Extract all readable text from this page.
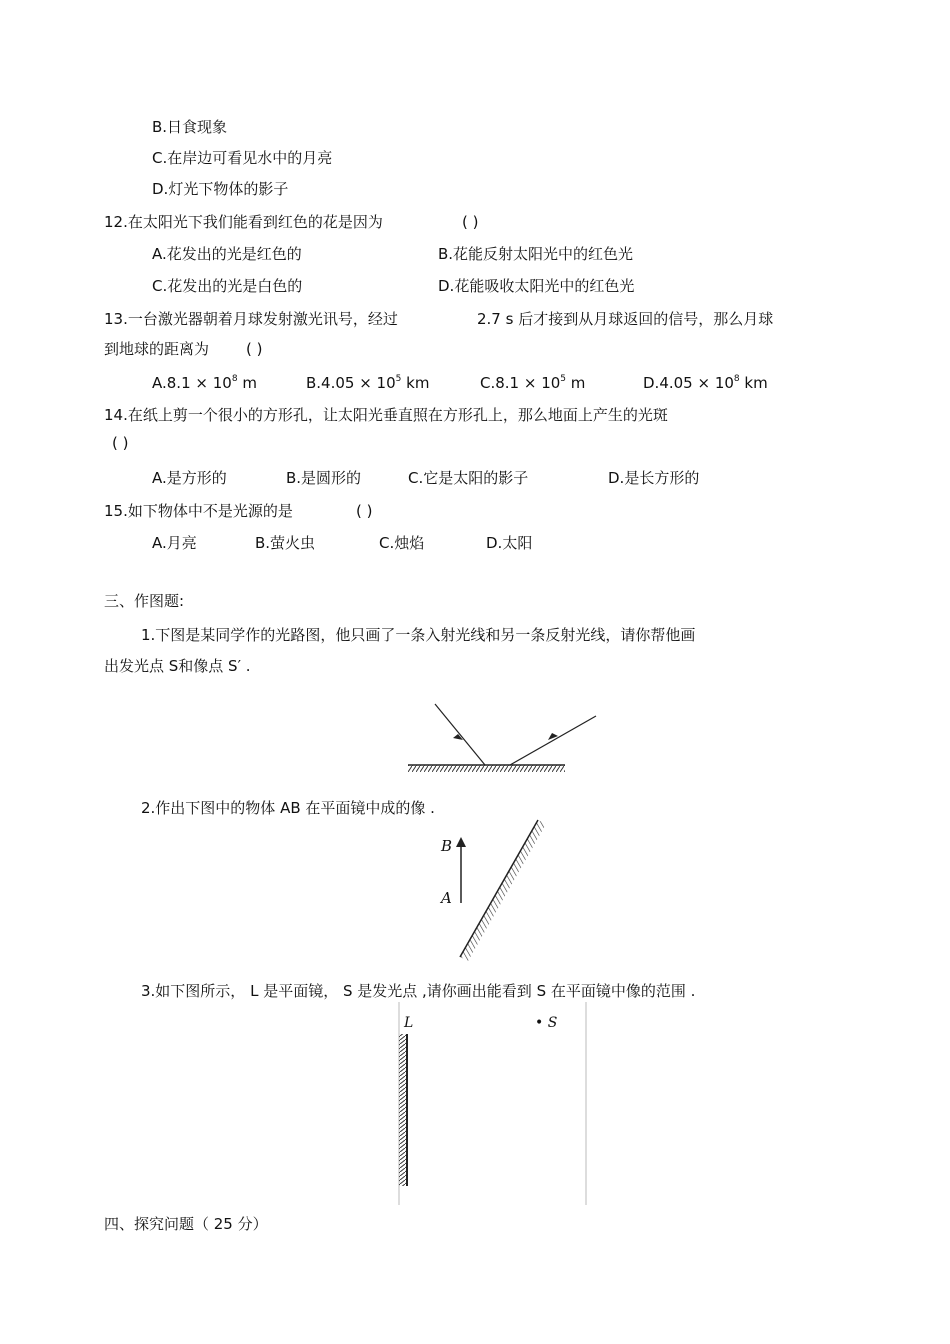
B.日食现象
C.在岸边可看见水中的月亮
D.灯光下物体的影子
12.在太阳光下我们能看到红色的花是因为	( )
A.花发出的光是红色的	B.花能反射太阳光中的红色光
C.花发出的光是白色的	D.花能吸收太阳光中的红色光
13.一台激光器朝着月球发射激光讯号，经过	2.7 s 后才接到从月球返回的信号，那么月球
到地球的距离为 ( )
$A.8.1 \times 10^8$ m	$B.4.05 \times 10^5$ km	$C.8.1 \times 10^5$ m	$D.4.05 \times 10^8$ km
14.在纸上剪一个很小的方形孔，让太阳光垂直照在方形孔上，那么地面上产生的光斑
( )
A.是方形的	B.是圆形的	C.它是太阳的影子	D.是长方形的
15.如下物体中不是光源的是	( )
A.月亮	B.萤火虫	C.烛焰	D.太阳
三、作图题:
1.下图是某同学作的光路图，他只画了一条入射光线和另一条反射光线，请你帮他画
出发光点 S和像点 S′ .
2.作出下图中的物体 AB 在平面镜中成的像 .
B
A
3.如下图所示， L 是平面镜， S 是发光点 ,请你画出能看到 S 在平面镜中像的范围 .
L	• S
四、探究问题（ 25 分）
